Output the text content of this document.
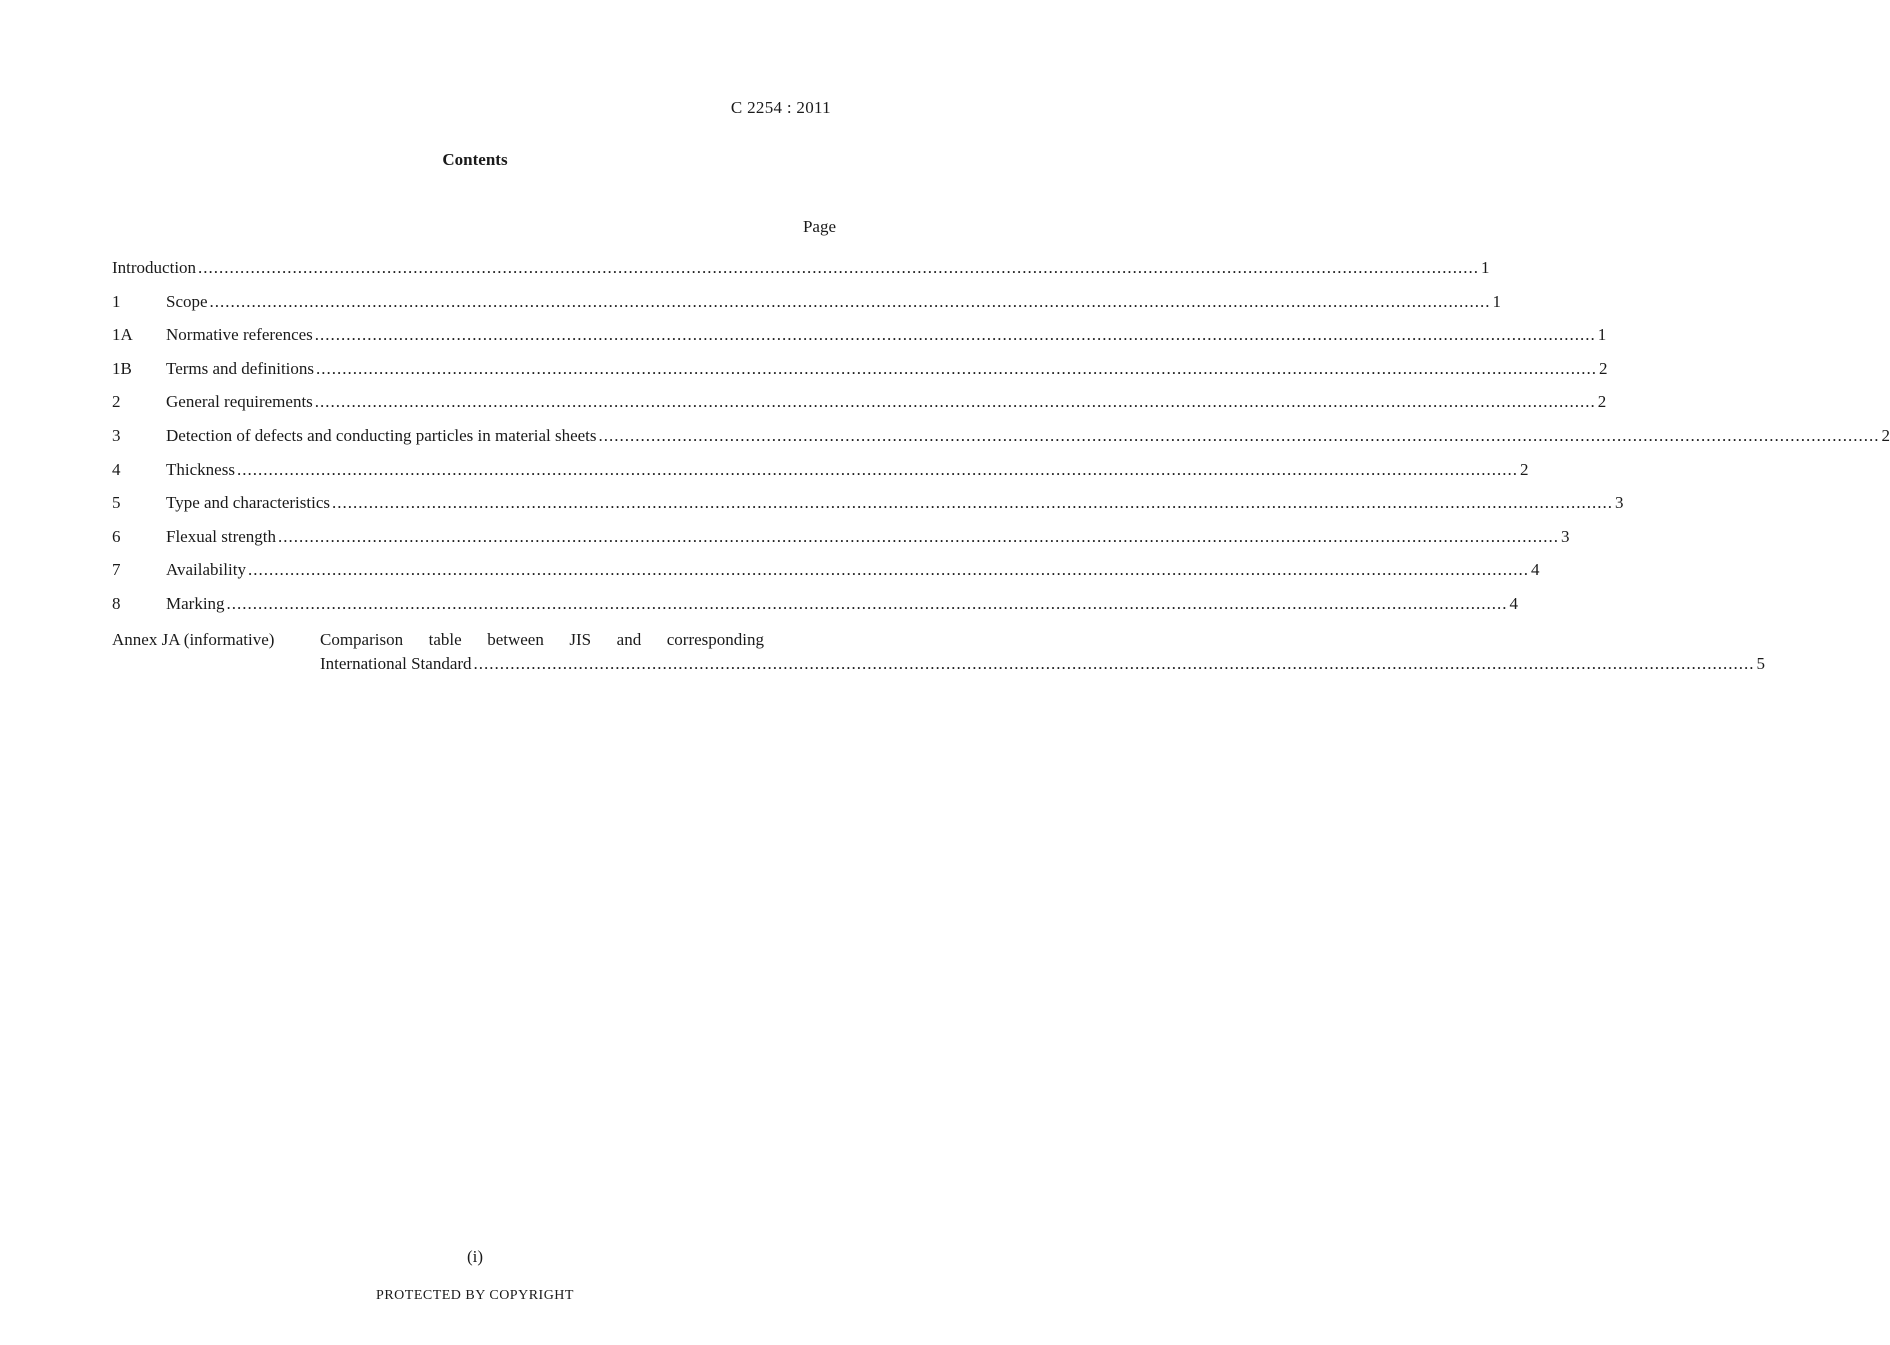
C 2254 : 2011
Contents
Page
Introduction .....	1
1	Scope .....	1
1A	Normative references .....	1
1B	Terms and definitions .....	2
2	General requirements .....	2
3	Detection of defects and conducting particles in material sheets .....	2
4	Thickness .....	2
5	Type and characteristics .....	3
6	Flexual strength .....	3
7	Availability .....	4
8	Marking .....	4
Annex JA (informative)	Comparison table between JIS and corresponding
International Standard .....	5
(i)
PROTECTED BY COPYRIGHT
